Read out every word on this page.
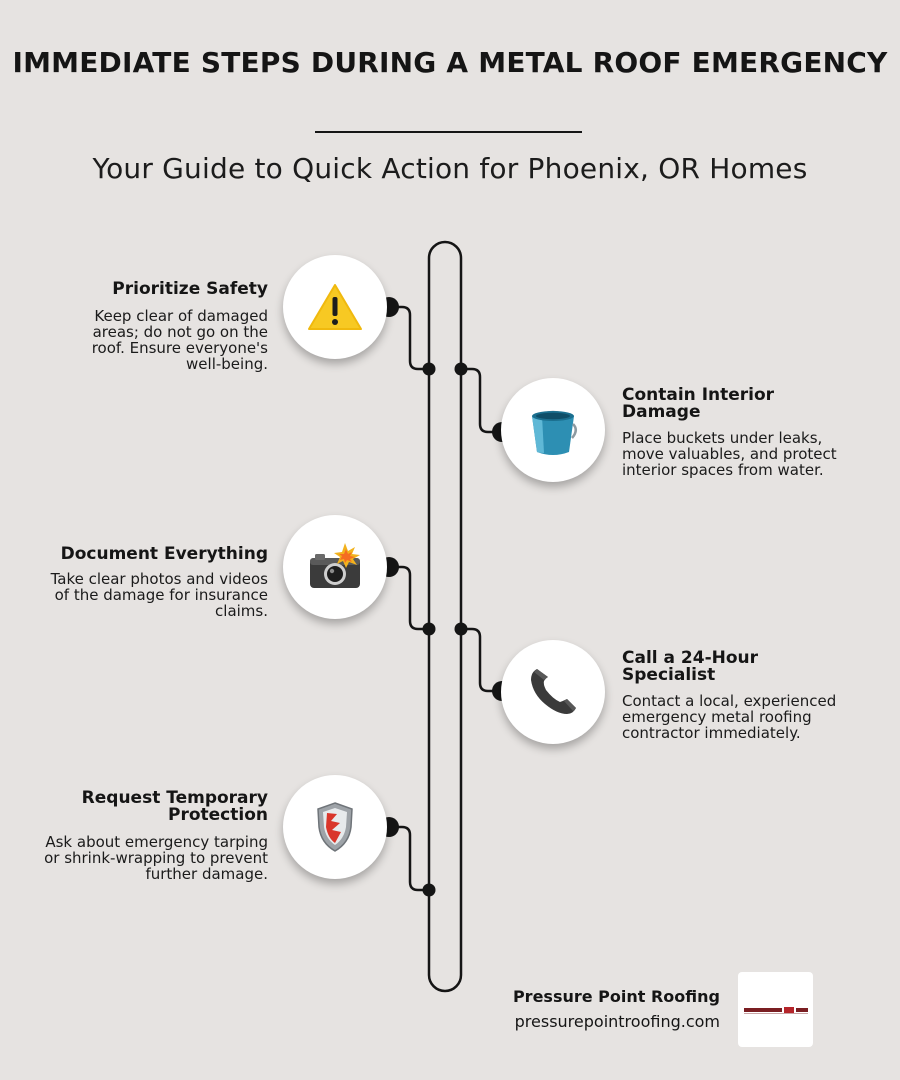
IMMEDIATE STEPS DURING A METAL ROOF EMERGENCY
Your Guide to Quick Action for Phoenix, OR Homes
Prioritize Safety

Keep clear of damaged areas; do not go on the roof. Ensure everyone's well-being.

Contain Interior Damage

Place buckets under leaks, move valuables, and protect interior spaces from water.

Document Everything

Take clear photos and videos of the damage for insurance claims.

Call a 24-Hour Specialist

Contact a local, experienced emergency metal roofing contractor immediately.

Request Temporary Protection

Ask about emergency tarping or shrink-wrapping to prevent further damage.

Pressure Point Roofing
pressurepointroofing.com
